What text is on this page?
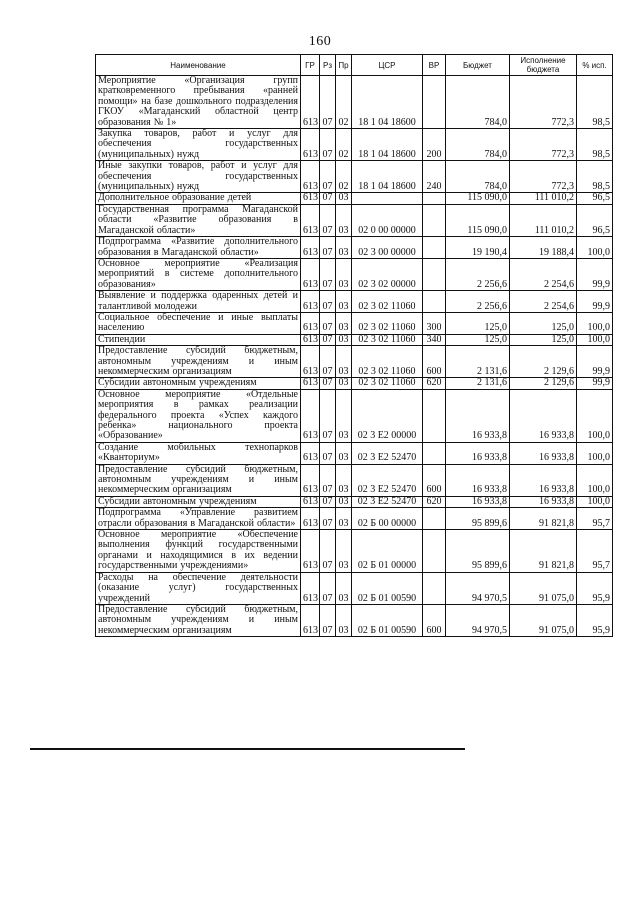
160
Наименование	ГР	Рз	Пр	ЦСР	ВР	Бюджет	Исполнение бюджета	% исп.
Мероприятие «Организация групп кратковременного пребывания «ранней помощи» на базе дошкольного подразделения ГКОУ «Магаданский областной центр образования № 1»	613	07	02	18 1 04 18600		784,0	772,3	98,5
Закупка товаров, работ и услуг для обеспечения государственных (муниципальных) нужд	613	07	02	18 1 04 18600	200	784,0	772,3	98,5
Иные закупки товаров, работ и услуг для обеспечения государственных (муниципальных) нужд	613	07	02	18 1 04 18600	240	784,0	772,3	98,5
Дополнительное образование детей	613	07	03			115 090,0	111 010,2	96,5
Государственная программа Магаданской области «Развитие образования в Магаданской области»	613	07	03	02 0 00 00000		115 090,0	111 010,2	96,5
Подпрограмма «Развитие дополнительного образования в Магаданской области»	613	07	03	02 3 00 00000		19 190,4	19 188,4	100,0
Основное мероприятие «Реализация мероприятий в системе дополнительного образования»	613	07	03	02 3 02 00000		2 256,6	2 254,6	99,9
Выявление и поддержка одаренных детей и талантливой молодежи	613	07	03	02 3 02 11060		2 256,6	2 254,6	99,9
Социальное обеспечение и иные выплаты населению	613	07	03	02 3 02 11060	300	125,0	125,0	100,0
Стипендии	613	07	03	02 3 02 11060	340	125,0	125,0	100,0
Предоставление субсидий бюджетным, автономным учреждениям и иным некоммерческим организациям	613	07	03	02 3 02 11060	600	2 131,6	2 129,6	99,9
Субсидии автономным учреждениям	613	07	03	02 3 02 11060	620	2 131,6	2 129,6	99,9
Основное мероприятие «Отдельные мероприятия в рамках реализации федерального проекта «Успех каждого ребенка» национального проекта «Образование»	613	07	03	02 3 E2 00000		16 933,8	16 933,8	100,0
Создание мобильных технопарков «Кванториум»	613	07	03	02 3 E2 52470		16 933,8	16 933,8	100,0
Предоставление субсидий бюджетным, автономным учреждениям и иным некоммерческим организациям	613	07	03	02 3 E2 52470	600	16 933,8	16 933,8	100,0
Субсидии автономным учреждениям	613	07	03	02 3 E2 52470	620	16 933,8	16 933,8	100,0
Подпрограмма «Управление развитием отрасли образования в Магаданской области»	613	07	03	02 Б 00 00000		95 899,6	91 821,8	95,7
Основное мероприятие «Обеспечение выполнения функций государственными органами и находящимися в их ведении государственными учреждениями»	613	07	03	02 Б 01 00000		95 899,6	91 821,8	95,7
Расходы на обеспечение деятельности (оказание услуг) государственных учреждений	613	07	03	02 Б 01 00590		94 970,5	91 075,0	95,9
Предоставление субсидий бюджетным, автономным учреждениям и иным некоммерческим организациям	613	07	03	02 Б 01 00590	600	94 970,5	91 075,0	95,9
